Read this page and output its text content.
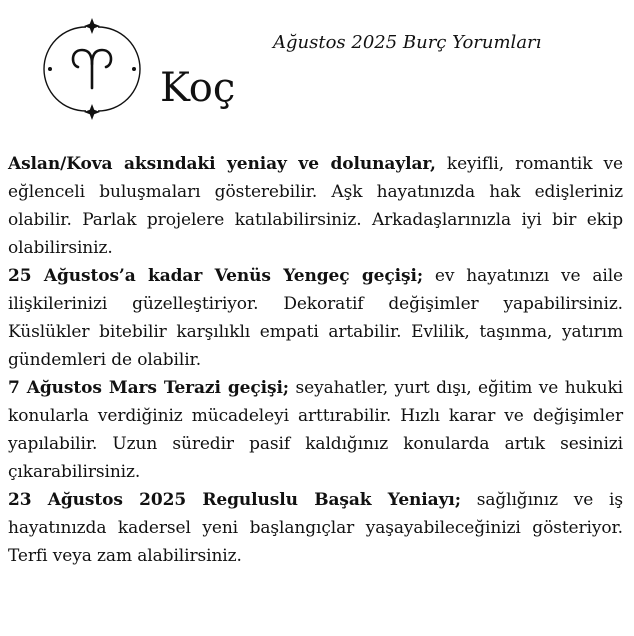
Koç

Ağustos 2025 Burç Yorumları

Aslan/Kova aksındaki yeniay ve dolunaylar, keyifli, romantik ve eğlenceli buluşmaları gösterebilir. Aşk hayatınızda hak edişleriniz olabilir. Parlak projelere katılabilirsiniz. Arkadaşlarınızla iyi bir ekip olabilirsiniz.

25 Ağustos’a kadar Venüs Yengeç geçişi; ev hayatınızı ve aile ilişkilerinizi güzelleştiriyor. Dekoratif değişimler yapabilirsiniz. Küslükler bitebilir karşılıklı empati artabilir. Evlilik, taşınma, yatırım gündemleri de olabilir.

7 Ağustos Mars Terazi geçişi; seyahatler, yurt dışı, eğitim ve hukuki konularla verdiğiniz mücadeleyi arttırabilir. Hızlı karar ve değişimler yapılabilir. Uzun süredir pasif kaldığınız konularda artık sesinizi çıkarabilirsiniz.

23 Ağustos 2025 Reguluslu Başak Yeniayı; sağlığınız ve iş hayatınızda kadersel yeni başlangıçlar yaşayabileceğinizi gösteriyor. Terfi veya zam alabilirsiniz.
